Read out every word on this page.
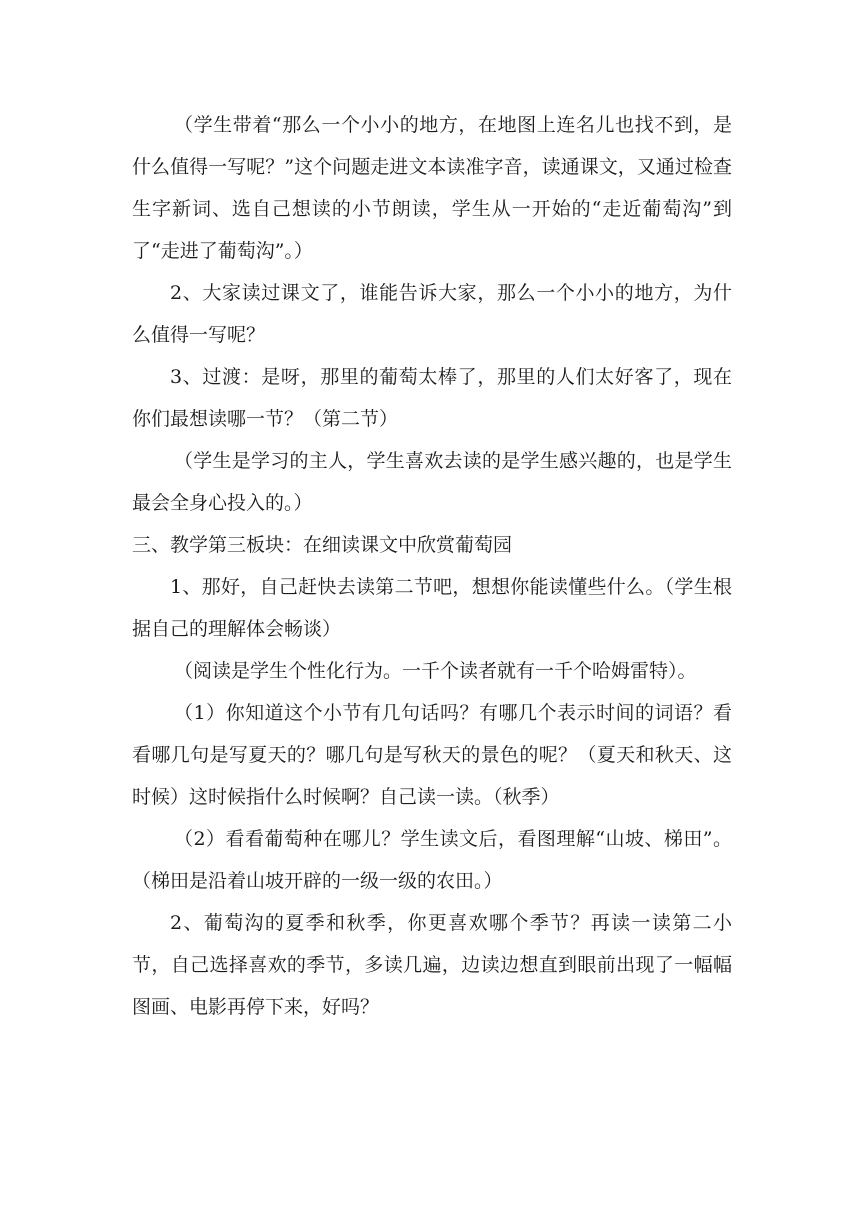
（学生带着“那么一个小小的地方，在地图上连名儿也找不到，是什么值得一写呢？”这个问题走进文本读准字音，读通课文，又通过检查生字新词、选自己想读的小节朗读，学生从一开始的“走近葡萄沟”到了“走进了葡萄沟”。）

2、大家读过课文了，谁能告诉大家，那么一个小小的地方，为什么值得一写呢？

3、过渡：是呀，那里的葡萄太棒了，那里的人们太好客了，现在你们最想读哪一节？（第二节）

（学生是学习的主人，学生喜欢去读的是学生感兴趣的，也是学生最会全身心投入的。）

三、教学第三板块：在细读课文中欣赏葡萄园

1、那好，自己赶快去读第二节吧，想想你能读懂些什么。（学生根据自己的理解体会畅谈）

（阅读是学生个性化行为。一千个读者就有一千个哈姆雷特）。

（1）你知道这个小节有几句话吗？有哪几个表示时间的词语？看看哪几句是写夏天的？哪几句是写秋天的景色的呢？（夏天和秋天、这时候）这时候指什么时候啊？自己读一读。（秋季）

（2）看看葡萄种在哪儿？学生读文后，看图理解“山坡、梯田”。（梯田是沿着山坡开辟的一级一级的农田。）

2、葡萄沟的夏季和秋季，你更喜欢哪个季节？再读一读第二小节，自己选择喜欢的季节，多读几遍，边读边想直到眼前出现了一幅幅图画、电影再停下来，好吗？
